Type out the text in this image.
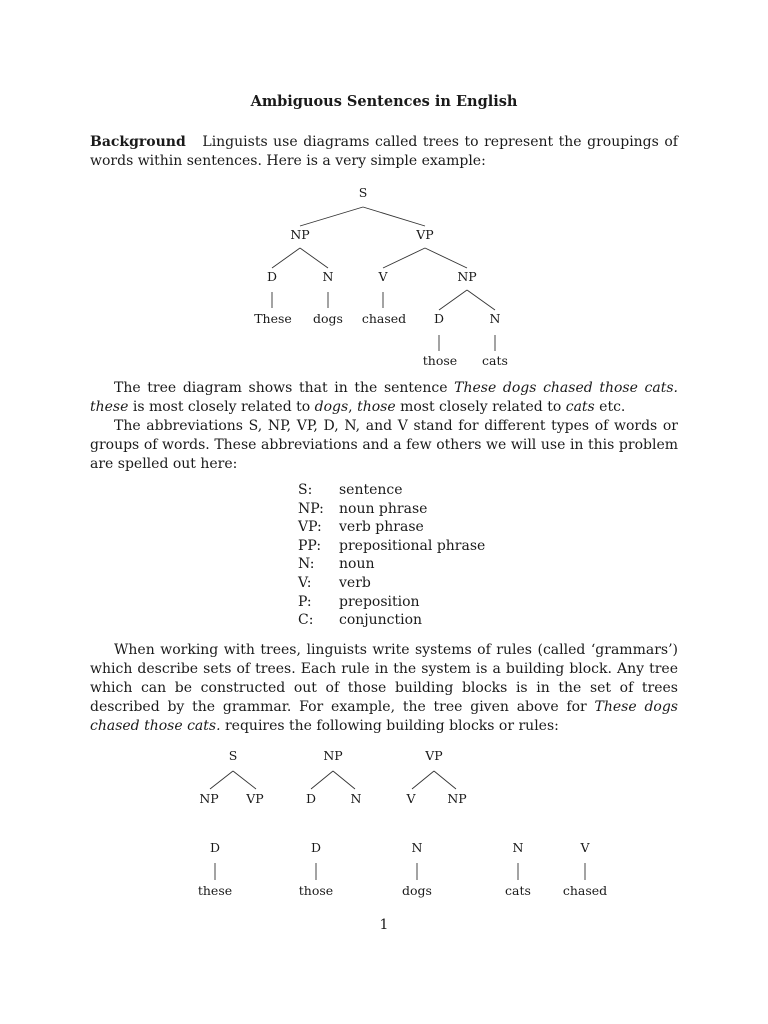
Ambiguous Sentences in English

Background Linguists use diagrams called trees to represent the groupings of words within sentences. Here is a very simple example:

S
NP	VP
D	N	V	NP
D	N
These dogs chased
those cats

The tree diagram shows that in the sentence These dogs chased those cats. these is most closely related to dogs, those most closely related to cats etc.

The abbreviations S, NP, VP, D, N, and V stand for different types of words or groups of words. These abbreviations and a few others we will use in this problem are spelled out here:

S:	sentence
NP:	noun phrase
VP:	verb phrase
PP:	prepositional phrase
N:	noun
V:	verb
P:	preposition
C:	conjunction

When working with trees, linguists write systems of rules (called ‘grammars’) which describe sets of trees. Each rule in the system is a building block. Any tree which can be constructed out of those building blocks is in the set of trees described by the grammar. For example, the tree given above for These dogs chased those cats. requires the following building blocks or rules:

S
NP VP
NP
D	N
VP
V	NP
D
these
D
those
N
dogs
N
cats
V
chased
1
